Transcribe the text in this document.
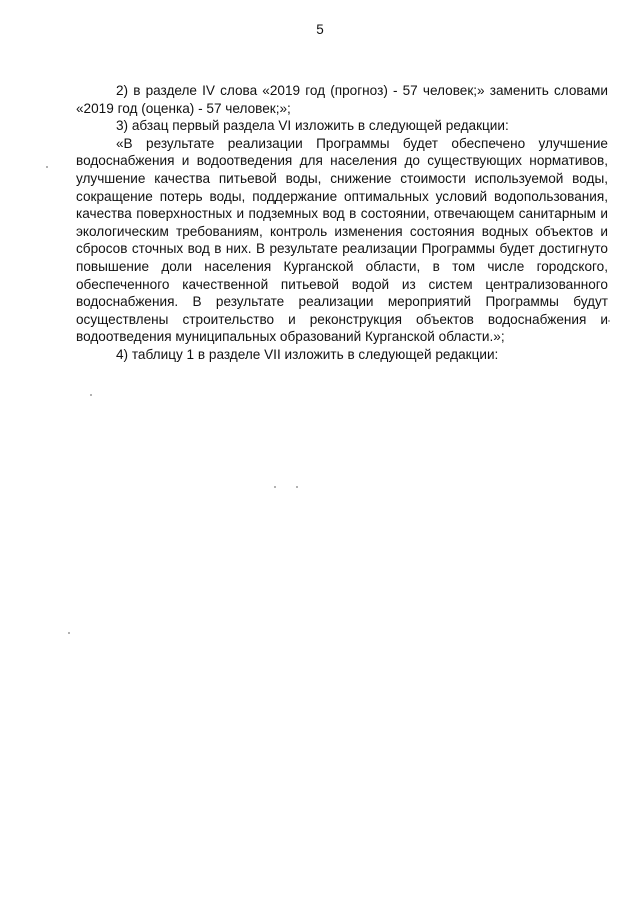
5

2) в разделе IV слова «2019 год (прогноз) - 57 человек;» заменить словами «2019 год (оценка) - 57 человек;»;

3) абзац первый раздела VI изложить в следующей редакции:

«В результате реализации Программы будет обеспечено улучшение водоснабжения и водоотведения для населения до существующих нормативов, улучшение качества питьевой воды, снижение стоимости используемой воды, сокращение потерь воды, поддержание оптимальных условий водопользования, качества поверхностных и подземных вод в состоянии, отвечающем санитарным и экологическим требованиям, контроль изменения состояния водных объектов и сбросов сточных вод в них. В результате реализации Программы будет достигнуто повышение доли населения Курганской области, в том числе городского, обеспеченного качественной питьевой водой из систем централизованного водоснабжения. В результате реализации мероприятий Программы будут осуществлены строительство и реконструкция объектов водоснабжения и водоотведения муниципальных образований Курганской области.»;

4) таблицу 1 в разделе VII изложить в следующей редакции:
